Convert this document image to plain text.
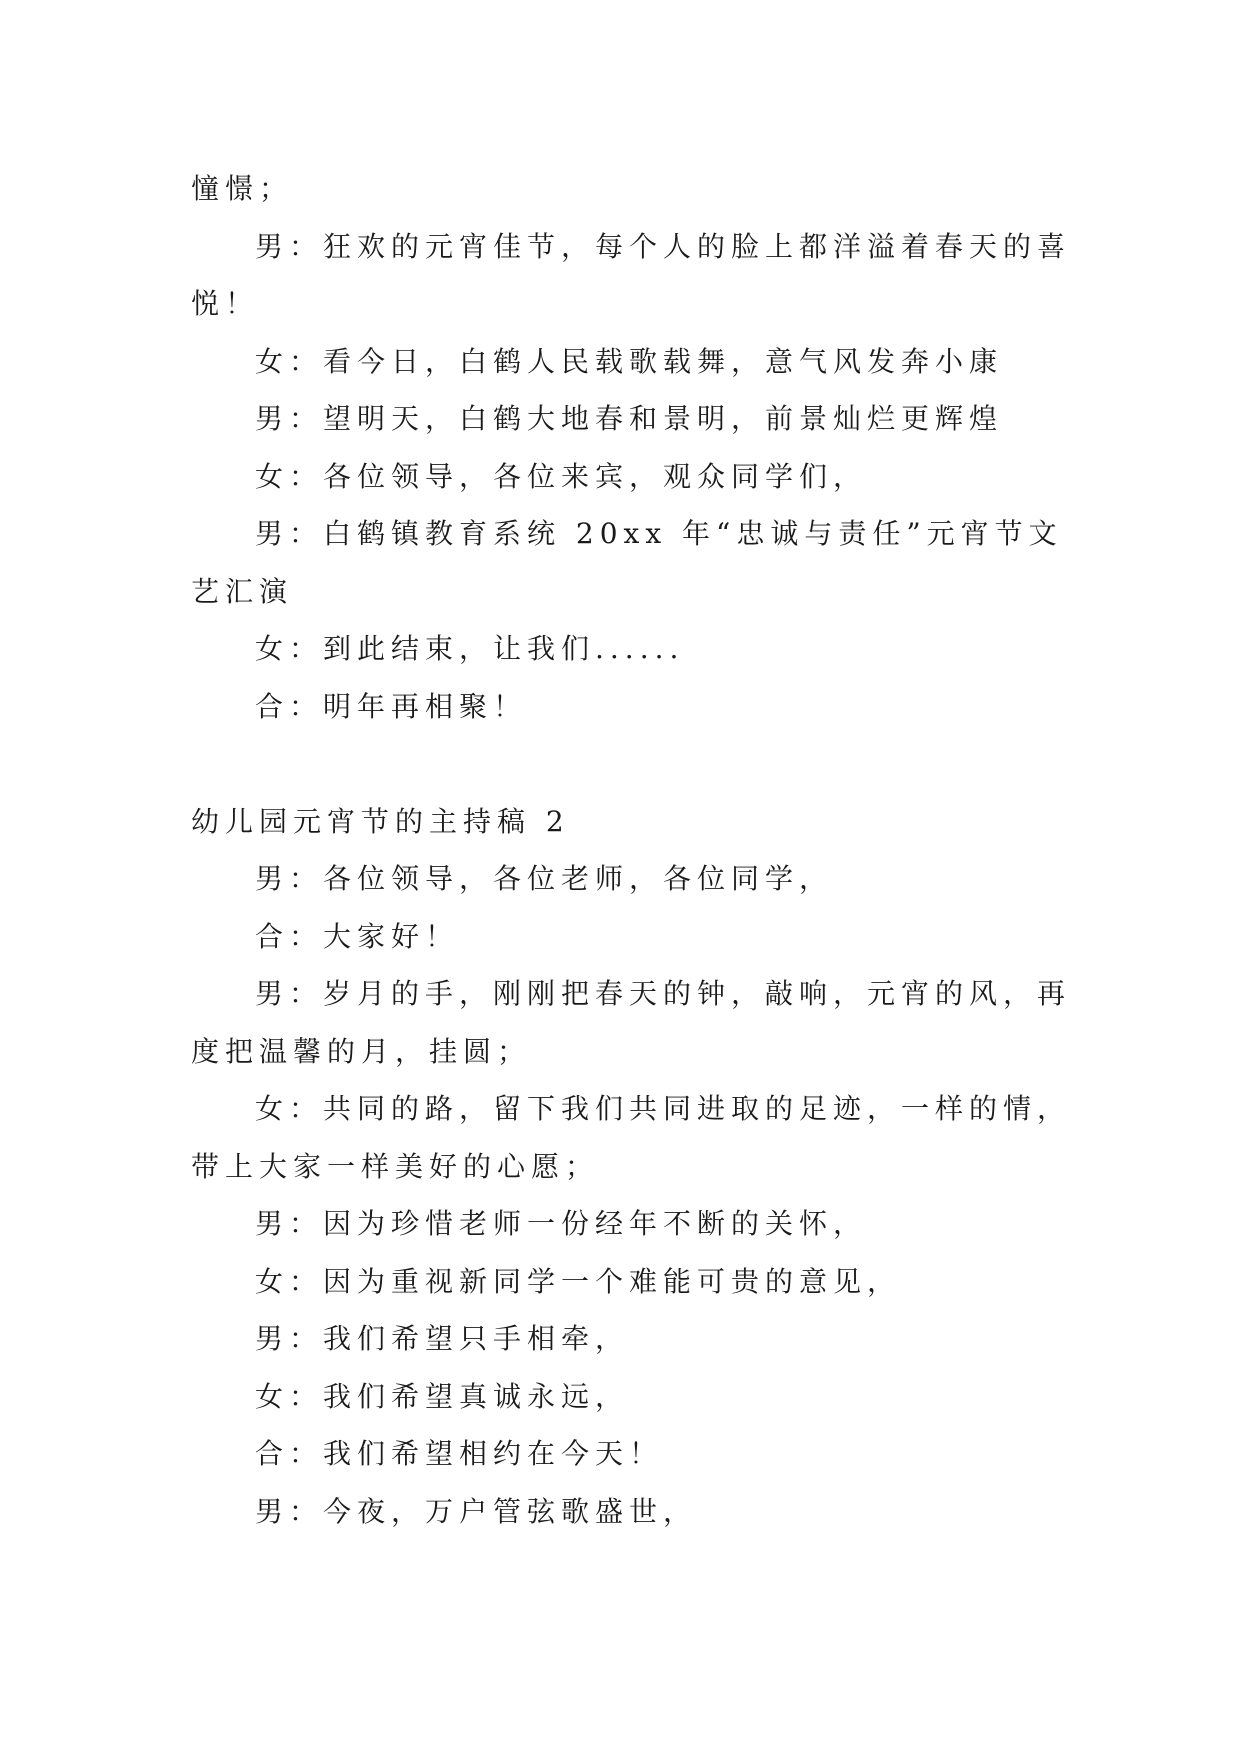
憧憬；
男：狂欢的元宵佳节，每个人的脸上都洋溢着春天的喜
悦！
女：看今日，白鹤人民载歌载舞，意气风发奔小康
男：望明天，白鹤大地春和景明，前景灿烂更辉煌
女：各位领导，各位来宾，观众同学们，
男：白鹤镇教育系统 20xx 年“忠诚与责任”元宵节文
艺汇演
女：到此结束，让我们......
合：明年再相聚！
幼儿园元宵节的主持稿 2
男：各位领导，各位老师，各位同学，
合：大家好！
男：岁月的手，刚刚把春天的钟，敲响，元宵的风，再
度把温馨的月，挂圆；
女：共同的路，留下我们共同进取的足迹，一样的情，
带上大家一样美好的心愿；
男：因为珍惜老师一份经年不断的关怀，
女：因为重视新同学一个难能可贵的意见，
男：我们希望只手相牵，
女：我们希望真诚永远，
合：我们希望相约在今天！
男：今夜，万户管弦歌盛世，
